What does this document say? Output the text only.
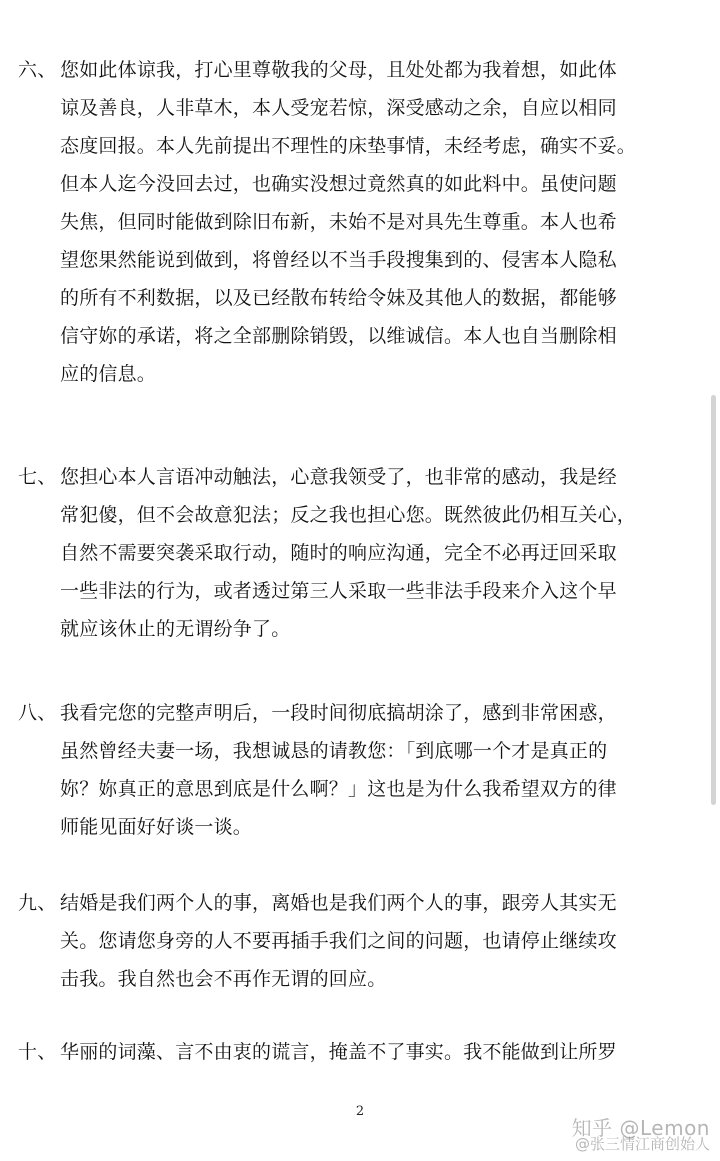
六、 您如此体谅我，打心里尊敬我的父母，且处处都为我着想，如此体
谅及善良，人非草木，本人受宠若惊，深受感动之余，自应以相同
态度回报。本人先前提出不理性的床垫事情，未经考虑，确实不妥。
但本人迄今没回去过，也确实没想过竟然真的如此料中。虽使问题
失焦，但同时能做到除旧布新，未始不是对具先生尊重。本人也希
望您果然能说到做到，将曾经以不当手段搜集到的、侵害本人隐私
的所有不利数据，以及已经散布转给令妹及其他人的数据，都能够
信守妳的承诺，将之全部删除销毁，以维诚信。本人也自当删除相
应的信息。
七、 您担心本人言语冲动触法，心意我领受了，也非常的感动，我是经
常犯傻，但不会故意犯法；反之我也担心您。既然彼此仍相互关心，
自然不需要突袭采取行动，随时的响应沟通，完全不必再迂回采取
一些非法的行为，或者透过第三人采取一些非法手段来介入这个早
就应该休止的无谓纷争了。
八、 我看完您的完整声明后，一段时间彻底搞胡涂了，感到非常困惑，
虽然曾经夫妻一场，我想诚恳的请教您：「到底哪一个才是真正的
妳？妳真正的意思到底是什么啊？」这也是为什么我希望双方的律
师能见面好好谈一谈。
九、 结婚是我们两个人的事，离婚也是我们两个人的事，跟旁人其实无
关。您请您身旁的人不要再插手我们之间的问题，也请停止继续攻
击我。我自然也会不再作无谓的回应。
十、 华丽的词藻、言不由衷的谎言，掩盖不了事实。我不能做到让所罗
2
知乎 @Lemon
@张三情江商创始人
